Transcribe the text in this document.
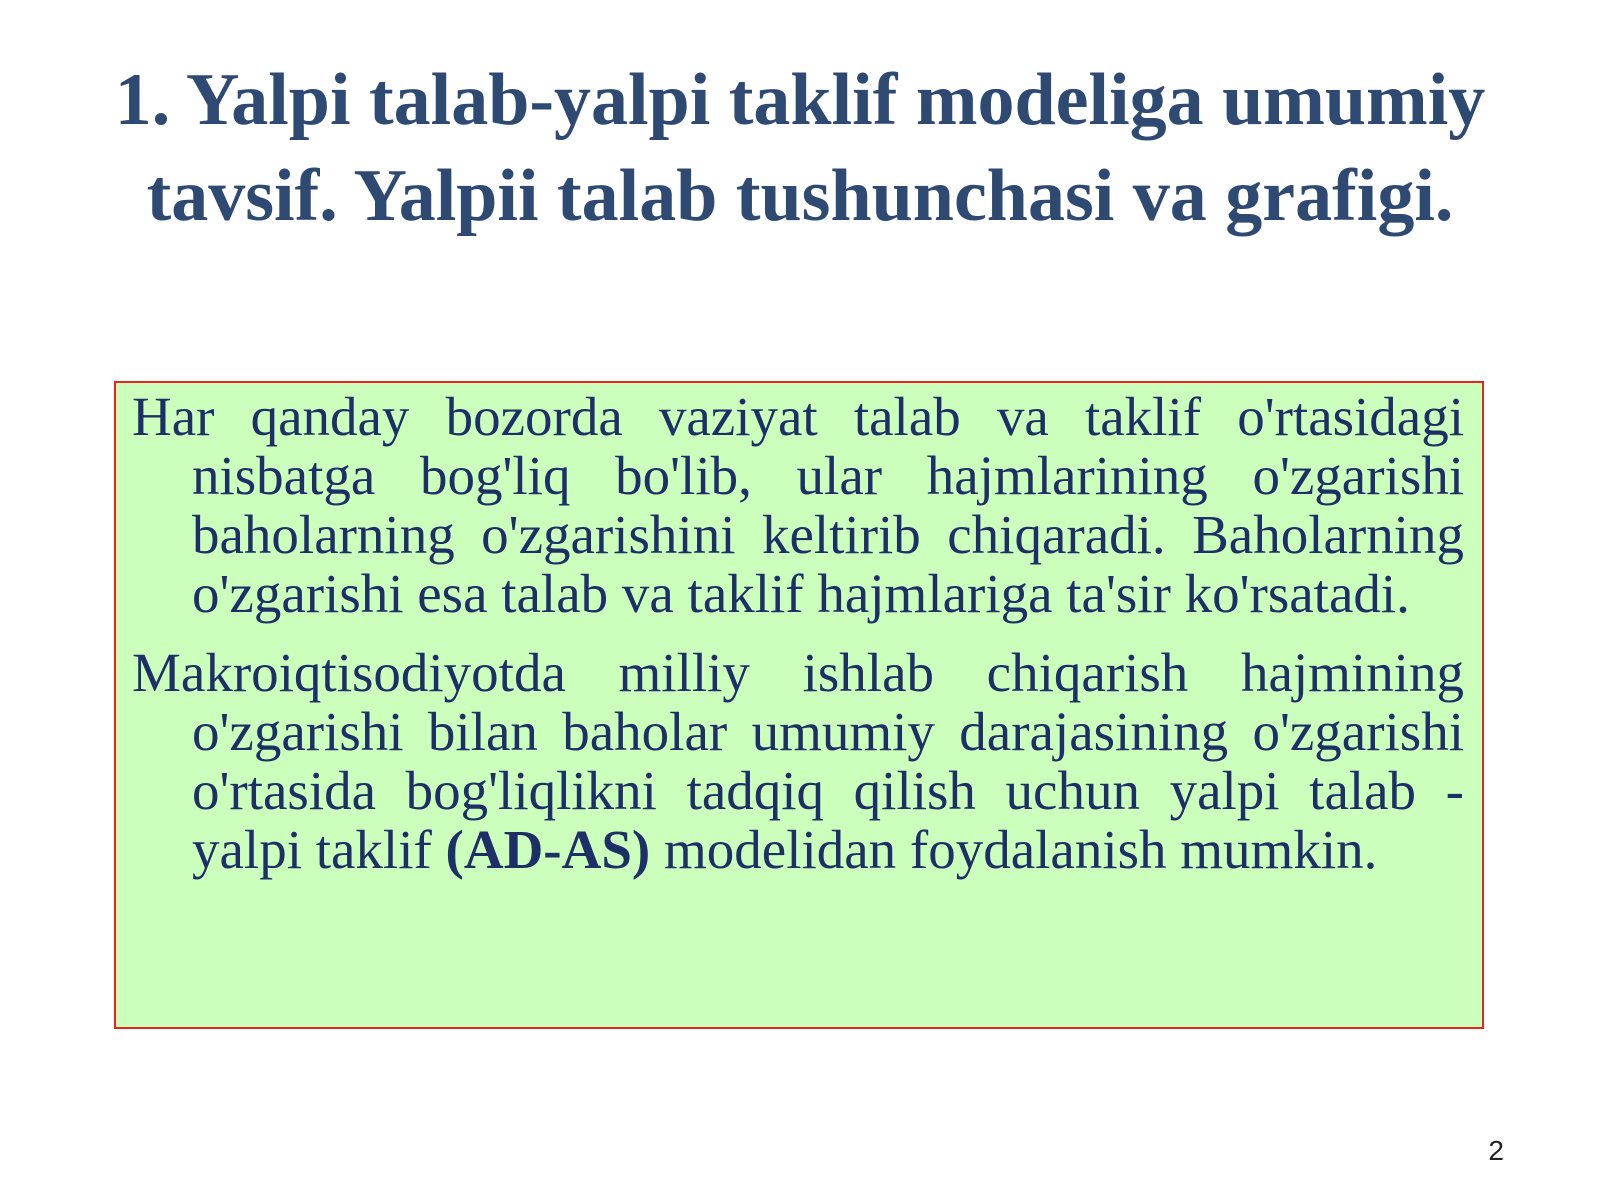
1. Yalpi talab-yalpi taklif modeliga umumiy tavsif. Yalpii talab tushunchasi va grafigi.

Har qanday bozorda vaziyat talab va taklif o'rtasidagi nisbatga bog'liq bo'lib, ular hajmlarining o'zgarishi baholarning o'zgarishini keltirib chiqaradi. Baholarning o'zgarishi esa talab va taklif hajmlariga ta'sir ko'rsatadi.

Makroiqtisodiyotda milliy ishlab chiqarish hajmining o'zgarishi bilan baholar umumiy darajasining o'zgarishi o'rtasida bog'liqlikni tadqiq qilish uchun yalpi talab - yalpi taklif (AD-AS) modelidan foydalanish mumkin.

2
